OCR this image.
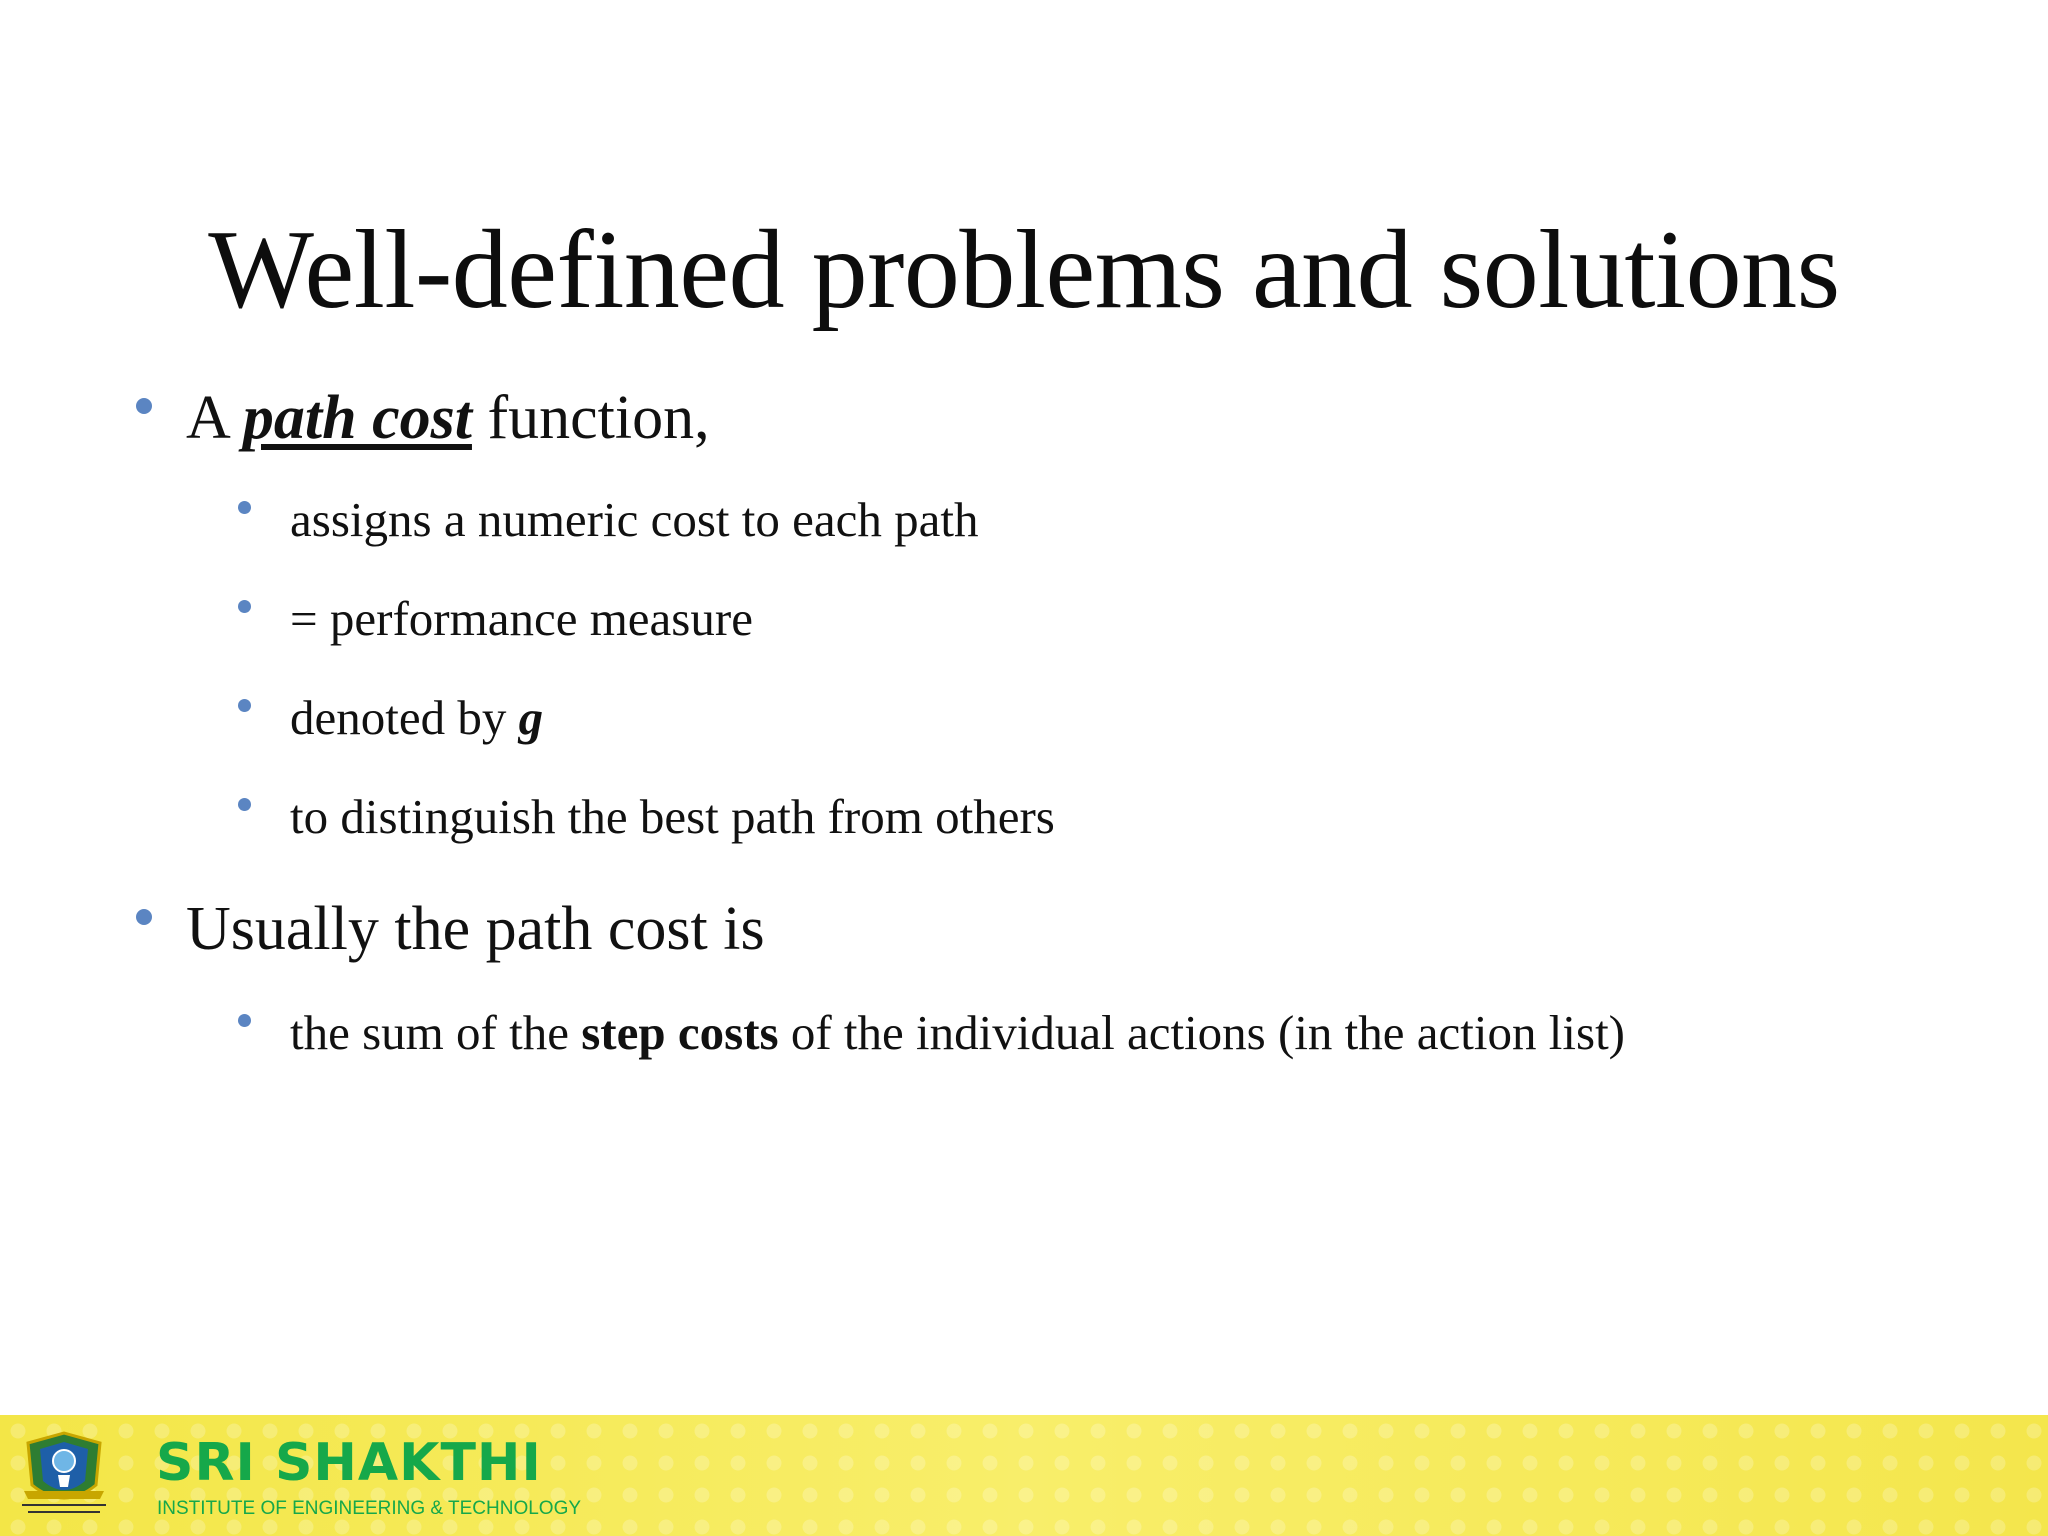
Well-defined problems and solutions
A path cost function,
assigns a numeric cost to each path
= performance measure
denoted by g
to distinguish the best path from others
Usually the path cost is
the sum of the step costs of the individual actions (in the action list)
SRI SHAKTHI
INSTITUTE OF ENGINEERING & TECHNOLOGY
